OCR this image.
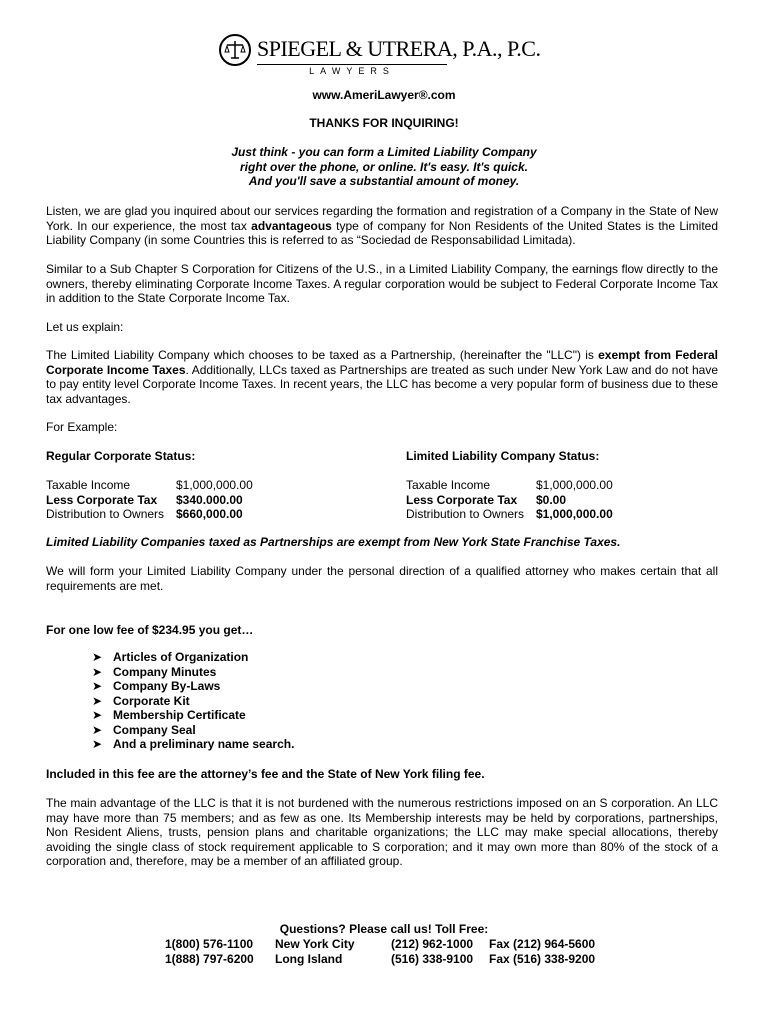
SPIEGEL & UTRERA, P.A., P.C.
LAWYERS
www.AmeriLawyer®.com
THANKS FOR INQUIRING!
Just think - you can form a Limited Liability Company
right over the phone, or online. It's easy. It's quick.
And you'll save a substantial amount of money.
Listen, we are glad you inquired about our services regarding the formation and registration of a Company in the State of New York. In our experience, the most tax advantageous type of company for Non Residents of the United States is the Limited Liability Company (in some Countries this is referred to as “Sociedad de Responsabilidad Limitada).
Similar to a Sub Chapter S Corporation for Citizens of the U.S., in a Limited Liability Company, the earnings flow directly to the owners, thereby eliminating Corporate Income Taxes. A regular corporation would be subject to Federal Corporate Income Tax in addition to the State Corporate Income Tax.
Let us explain:
The Limited Liability Company which chooses to be taxed as a Partnership, (hereinafter the "LLC") is exempt from Federal Corporate Income Taxes. Additionally, LLCs taxed as Partnerships are treated as such under New York Law and do not have to pay entity level Corporate Income Taxes. In recent years, the LLC has become a very popular form of business due to these tax advantages.
For Example:
Regular Corporate Status:
Taxable Income	$1,000,000.00
Less Corporate Tax $340.000.00
Distribution to Owners $660,000.00
Limited Liability Company Status:
Taxable Income	$1,000,000.00
Less Corporate Tax $0.00
Distribution to Owners $1,000,000.00
Limited Liability Companies taxed as Partnerships are exempt from New York State Franchise Taxes.
We will form your Limited Liability Company under the personal direction of a qualified attorney who makes certain that all requirements are met.
For one low fee of $234.95 you get…
➤ Articles of Organization
➤ Company Minutes
➤ Company By-Laws
➤ Corporate Kit
➤ Membership Certificate
➤ Company Seal
➤ And a preliminary name search.
Included in this fee are the attorney’s fee and the State of New York filing fee.
The main advantage of the LLC is that it is not burdened with the numerous restrictions imposed on an S corporation. An LLC may have more than 75 members; and as few as one. Its Membership interests may be held by corporations, partnerships, Non Resident Aliens, trusts, pension plans and charitable organizations; the LLC may make special allocations, thereby avoiding the single class of stock requirement applicable to S corporation; and it may own more than 80% of the stock of a corporation and, therefore, may be a member of an affiliated group.
Questions? Please call us! Toll Free:
1(800) 576-1100 New York City	(212) 962-1000 Fax (212) 964-5600
1(888) 797-6200 Long Island	(516) 338-9100 Fax (516) 338-9200
